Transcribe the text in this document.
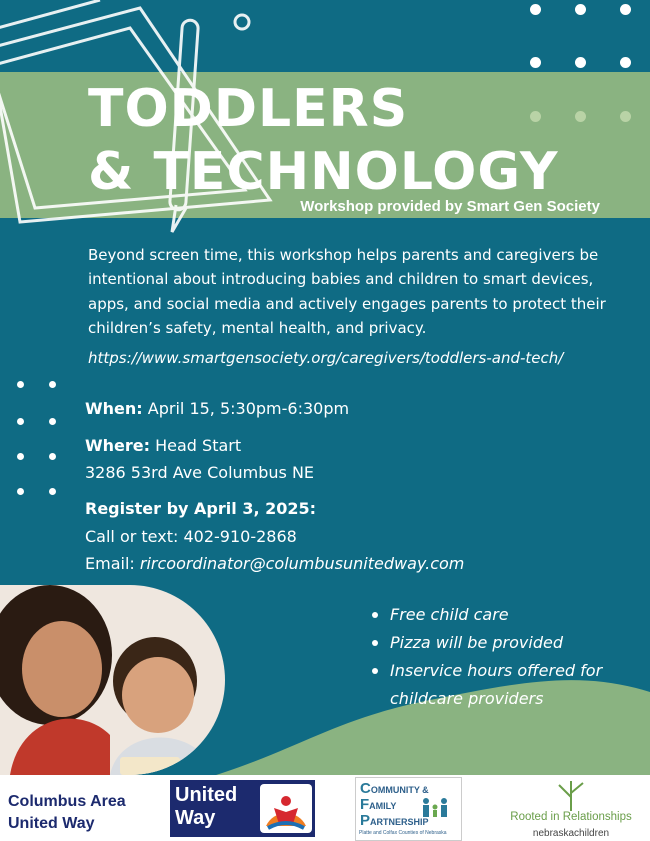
TODDLERS
& TECHNOLOGY
Workshop provided by Smart Gen Society

Beyond screen time, this workshop helps parents and caregivers be intentional about introducing babies and children to smart devices, apps, and social media and actively engages parents to protect their children’s safety, mental health, and privacy.

https://www.smartgensociety.org/caregivers/toddlers-and-tech/
When: April 15, 5:30pm-6:30pm
Where: Head Start
3286 53rd Ave Columbus NE
Register by April 3, 2025:
Call or text: 402-910-2868
Email: rircoordinator@columbusunitedway.com
Free child care
Pizza will be provided
Inservice hours offered for childcare providers
Columbus Area
United Way
United
Way
COMMUNITY &
FAMILY
PARTNERSHIP
Platte and Colfax Counties of Nebraska
Rooted in Relationships
nebraskachildren
